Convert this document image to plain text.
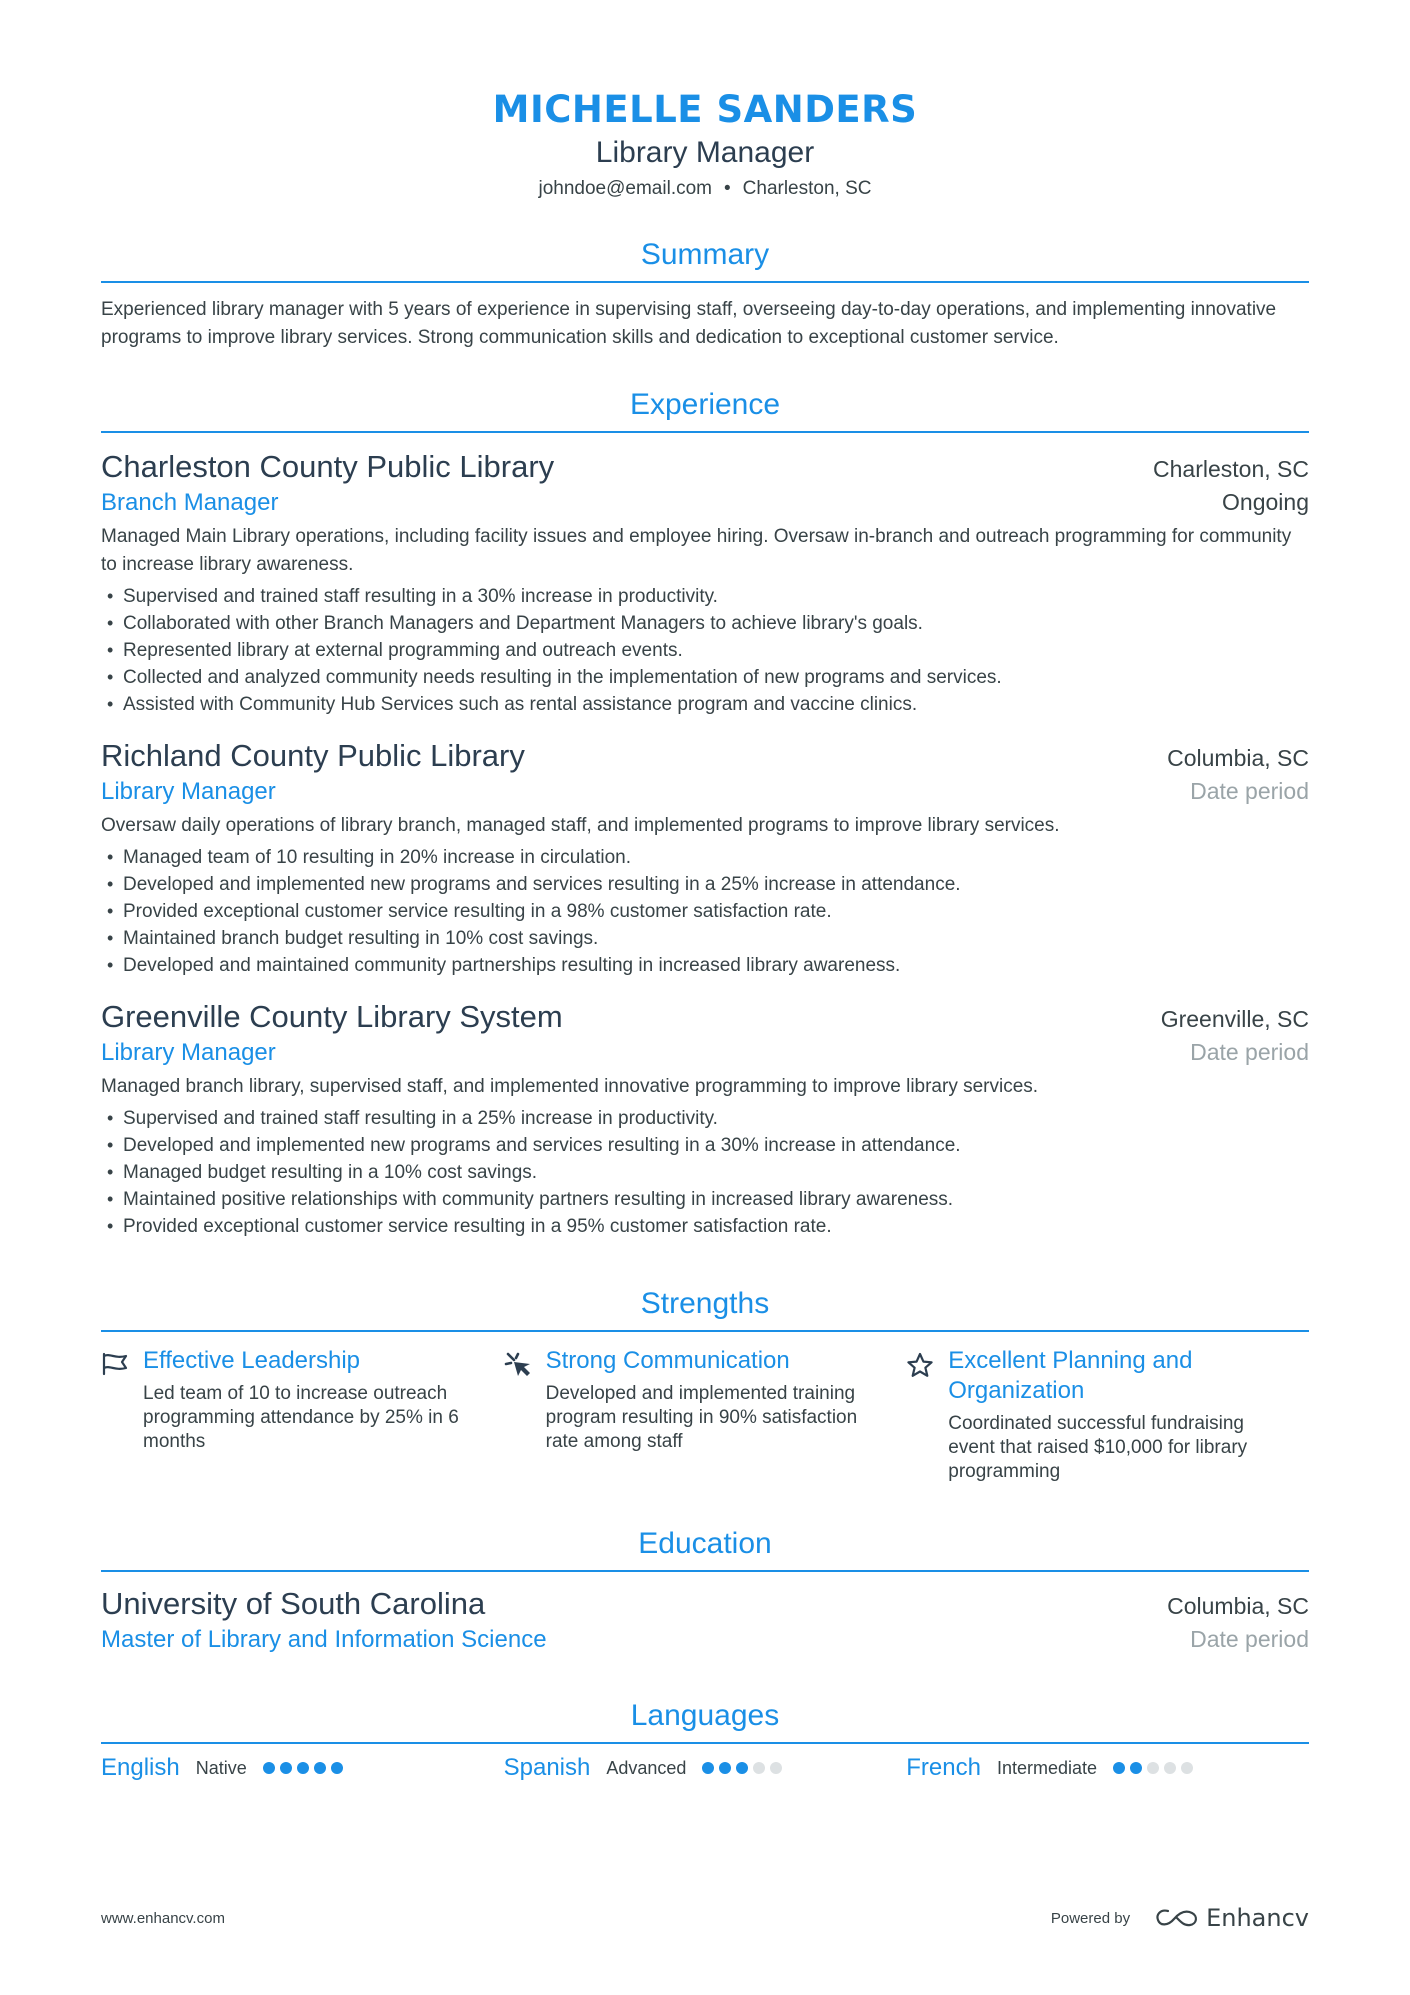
MICHELLE SANDERS
Library Manager
johndoe@email.com • Charleston, SC
Summary
Experienced library manager with 5 years of experience in supervising staff, overseeing day-to-day operations, and implementing innovative programs to improve library services. Strong communication skills and dedication to exceptional customer service.
Experience
Charleston County Public Library	Charleston, SC
Branch Manager	Ongoing
Managed Main Library operations, including facility issues and employee hiring. Oversaw in-branch and outreach programming for community to increase library awareness.
• Supervised and trained staff resulting in a 30% increase in productivity.
• Collaborated with other Branch Managers and Department Managers to achieve library's goals.
• Represented library at external programming and outreach events.
• Collected and analyzed community needs resulting in the implementation of new programs and services.
• Assisted with Community Hub Services such as rental assistance program and vaccine clinics.
Richland County Public Library	Columbia, SC
Library Manager	Date period
Oversaw daily operations of library branch, managed staff, and implemented programs to improve library services.
• Managed team of 10 resulting in 20% increase in circulation.
• Developed and implemented new programs and services resulting in a 25% increase in attendance.
• Provided exceptional customer service resulting in a 98% customer satisfaction rate.
• Maintained branch budget resulting in 10% cost savings.
• Developed and maintained community partnerships resulting in increased library awareness.
Greenville County Library System	Greenville, SC
Library Manager	Date period
Managed branch library, supervised staff, and implemented innovative programming to improve library services.
• Supervised and trained staff resulting in a 25% increase in productivity.
• Developed and implemented new programs and services resulting in a 30% increase in attendance.
• Managed budget resulting in a 10% cost savings.
• Maintained positive relationships with community partners resulting in increased library awareness.
• Provided exceptional customer service resulting in a 95% customer satisfaction rate.
Strengths
Effective Leadership
Led team of 10 to increase outreach programming attendance by 25% in 6 months
Strong Communication
Developed and implemented training program resulting in 90% satisfaction rate among staff
Excellent Planning and Organization
Coordinated successful fundraising event that raised $10,000 for library programming
Education
University of South Carolina	Columbia, SC
Master of Library and Information Science	Date period
Languages
English Native	Spanish Advanced	French Intermediate
www.enhancv.com	Powered by	Enhancv
